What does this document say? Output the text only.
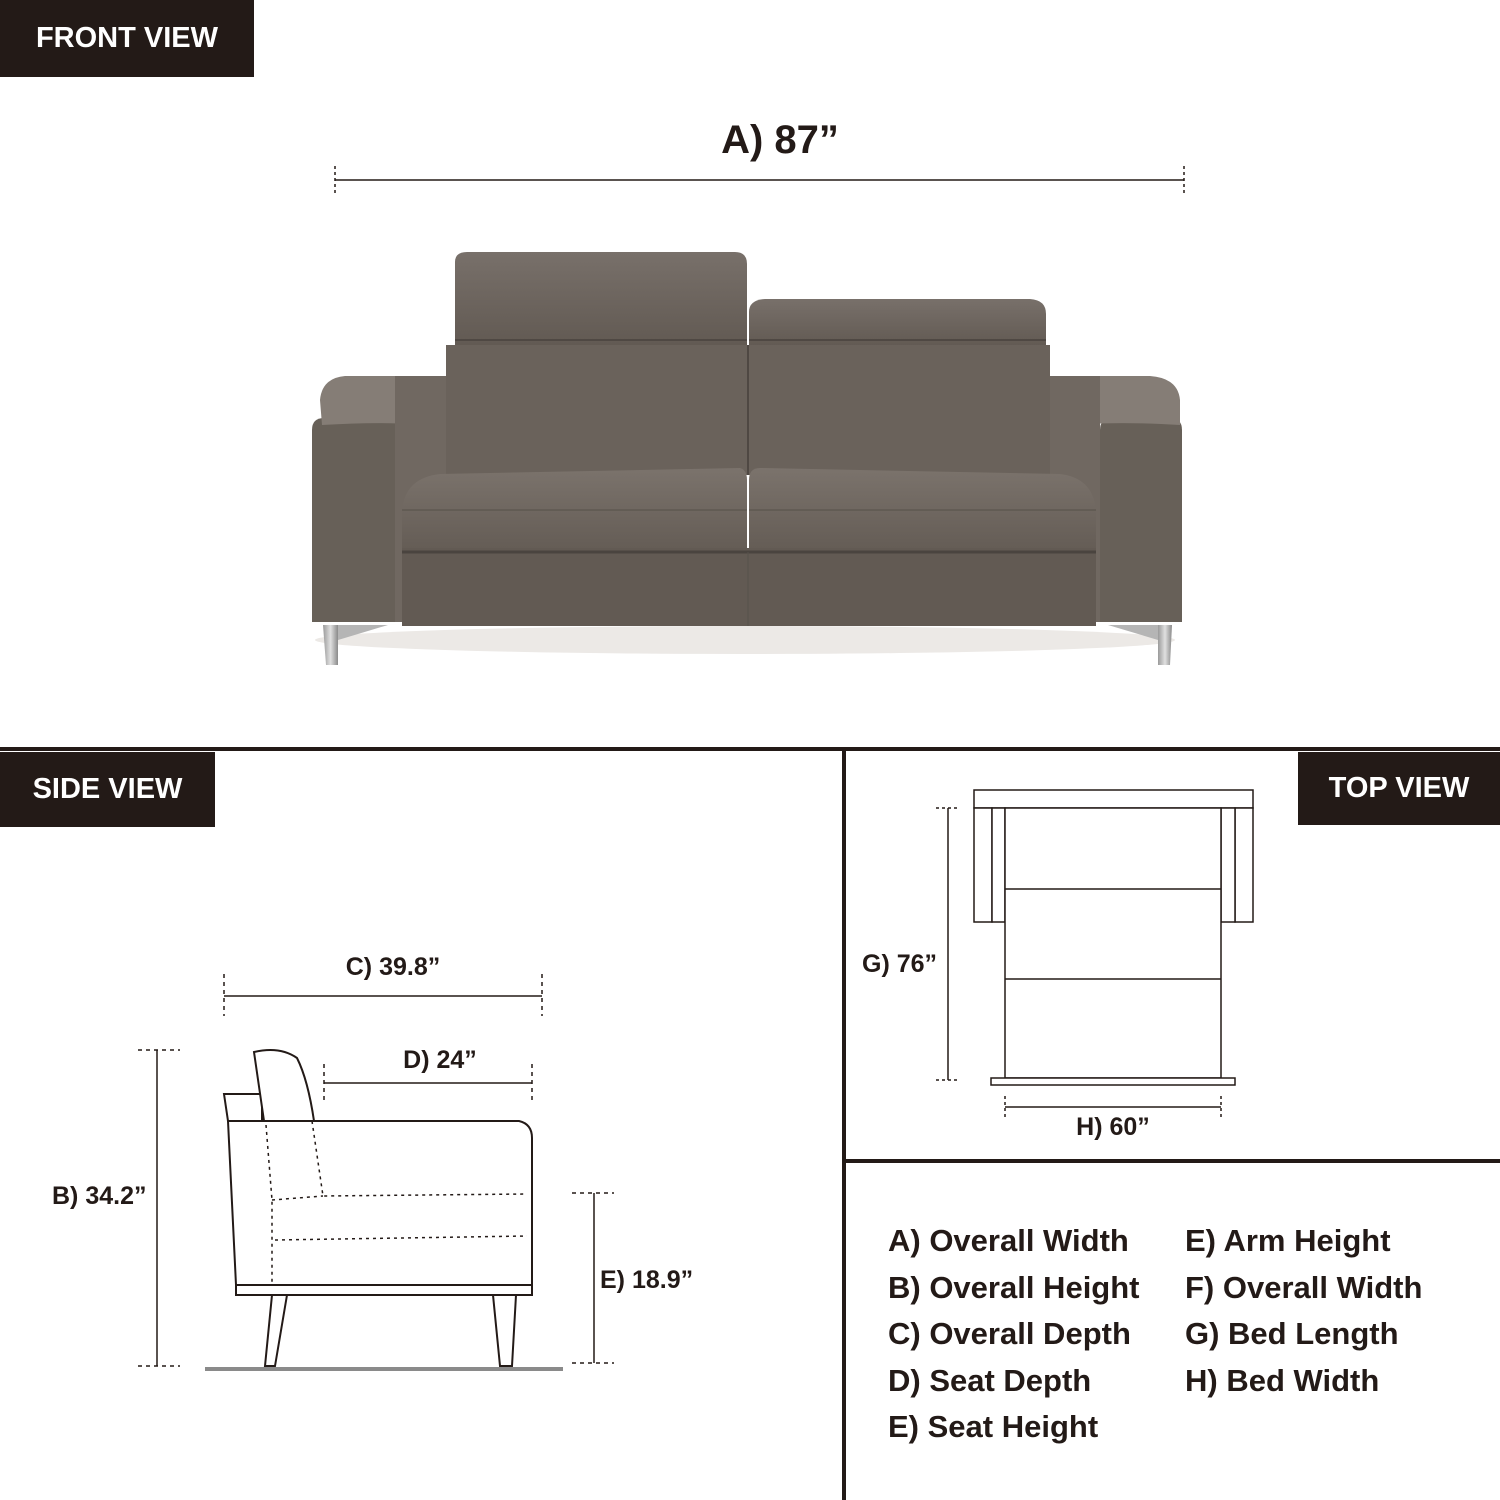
FRONT VIEW
SIDE VIEW	TOP VIEW
A) 87”
C) 39.8”
D) 24”
B) 34.2”
E) 18.9”
G) 76”
H) 60”
A) Overall Width
B) Overall Height
C) Overall Depth
D) Seat Depth
E) Seat Height
E) Arm Height
F) Overall Width
G) Bed Length
H) Bed Width
